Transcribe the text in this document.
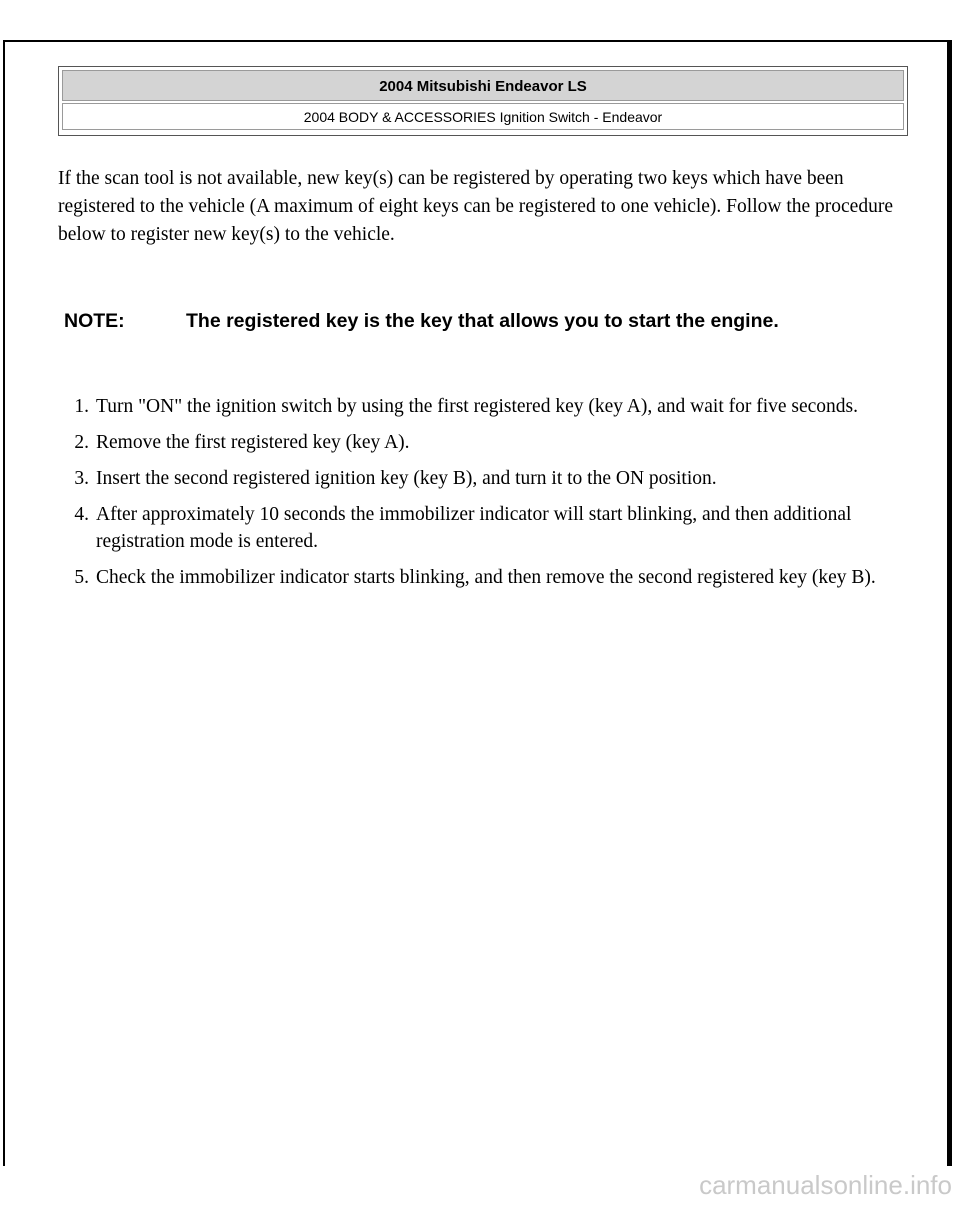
2004 Mitsubishi Endeavor LS
2004 BODY & ACCESSORIES Ignition Switch - Endeavor

If the scan tool is not available, new key(s) can be registered by operating two keys which have been registered to the vehicle (A maximum of eight keys can be registered to one vehicle). Follow the procedure below to register new key(s) to the vehicle.

NOTE:	The registered key is the key that allows you to start the engine.
1. Turn "ON" the ignition switch by using the first registered key (key A), and wait for five seconds.
2. Remove the first registered key (key A).
3. Insert the second registered ignition key (key B), and turn it to the ON position.
4. After approximately 10 seconds the immobilizer indicator will start blinking, and then additional registration mode is entered.
5. Check the immobilizer indicator starts blinking, and then remove the second registered key (key B).
carmanualsonline.info
